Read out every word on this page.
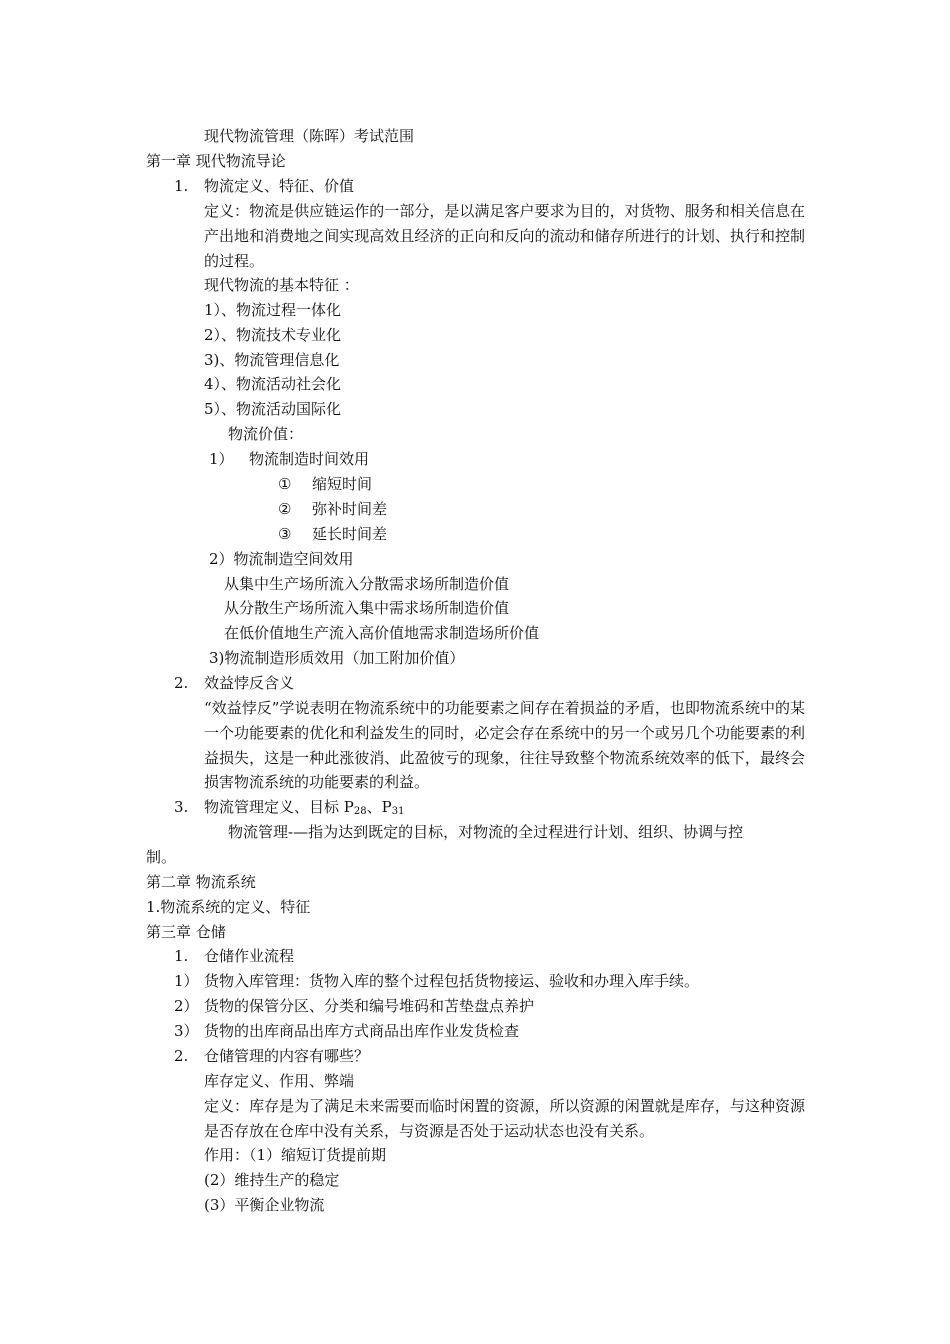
现代物流管理（陈晖）考试范围
第一章 现代物流导论
1. 物流定义、特征、价值
定义：物流是供应链运作的一部分，是以满足客户要求为目的，对货物、服务和相关信息在产出地和消费地之间实现高效且经济的正向和反向的流动和储存所进行的计划、执行和控制的过程。
现代物流的基本特征 ：
1）、物流过程一体化
2）、物流技术专业化
3)、物流管理信息化
4）、物流活动社会化
5）、物流活动国际化
物流价值：
1） 物流制造时间效用
① 缩短时间
② 弥补时间差
③ 延长时间差
2）物流制造空间效用
从集中生产场所流入分散需求场所制造价值
从分散生产场所流入集中需求场所制造价值
在低价值地生产流入高价值地需求制造场所价值
3)物流制造形质效用（加工附加价值）
2. 效益悖反含义
“效益悖反”学说表明在物流系统中的功能要素之间存在着损益的矛盾，也即物流系统中的某一个功能要素的优化和利益发生的同时，必定会存在系统中的另一个或另几个功能要素的利益损失，这是一种此涨彼消、此盈彼亏的现象，往往导致整个物流系统效率的低下，最终会损害物流系统的功能要素的利益。
3. 物流管理定义、目标 $P_{28}$、$P_{31}$
物流管理-—指为达到既定的目标，对物流的全过程进行计划、组织、协调与控
制。
第二章 物流系统
1.物流系统的定义、特征
第三章 仓储
1. 仓储作业流程
1） 货物入库管理：货物入库的整个过程包括货物接运、验收和办理入库手续。
2） 货物的保管分区、分类和编号堆码和苫垫盘点养护
3） 货物的出库商品出库方式商品出库作业发货检查
2. 仓储管理的内容有哪些？
库存定义、作用、弊端
定义：库存是为了满足未来需要而临时闲置的资源，所以资源的闲置就是库存，与这种资源是否存放在仓库中没有关系，与资源是否处于运动状态也没有关系。
作用：（1）缩短订货提前期
(2）维持生产的稳定
(3）平衡企业物流
